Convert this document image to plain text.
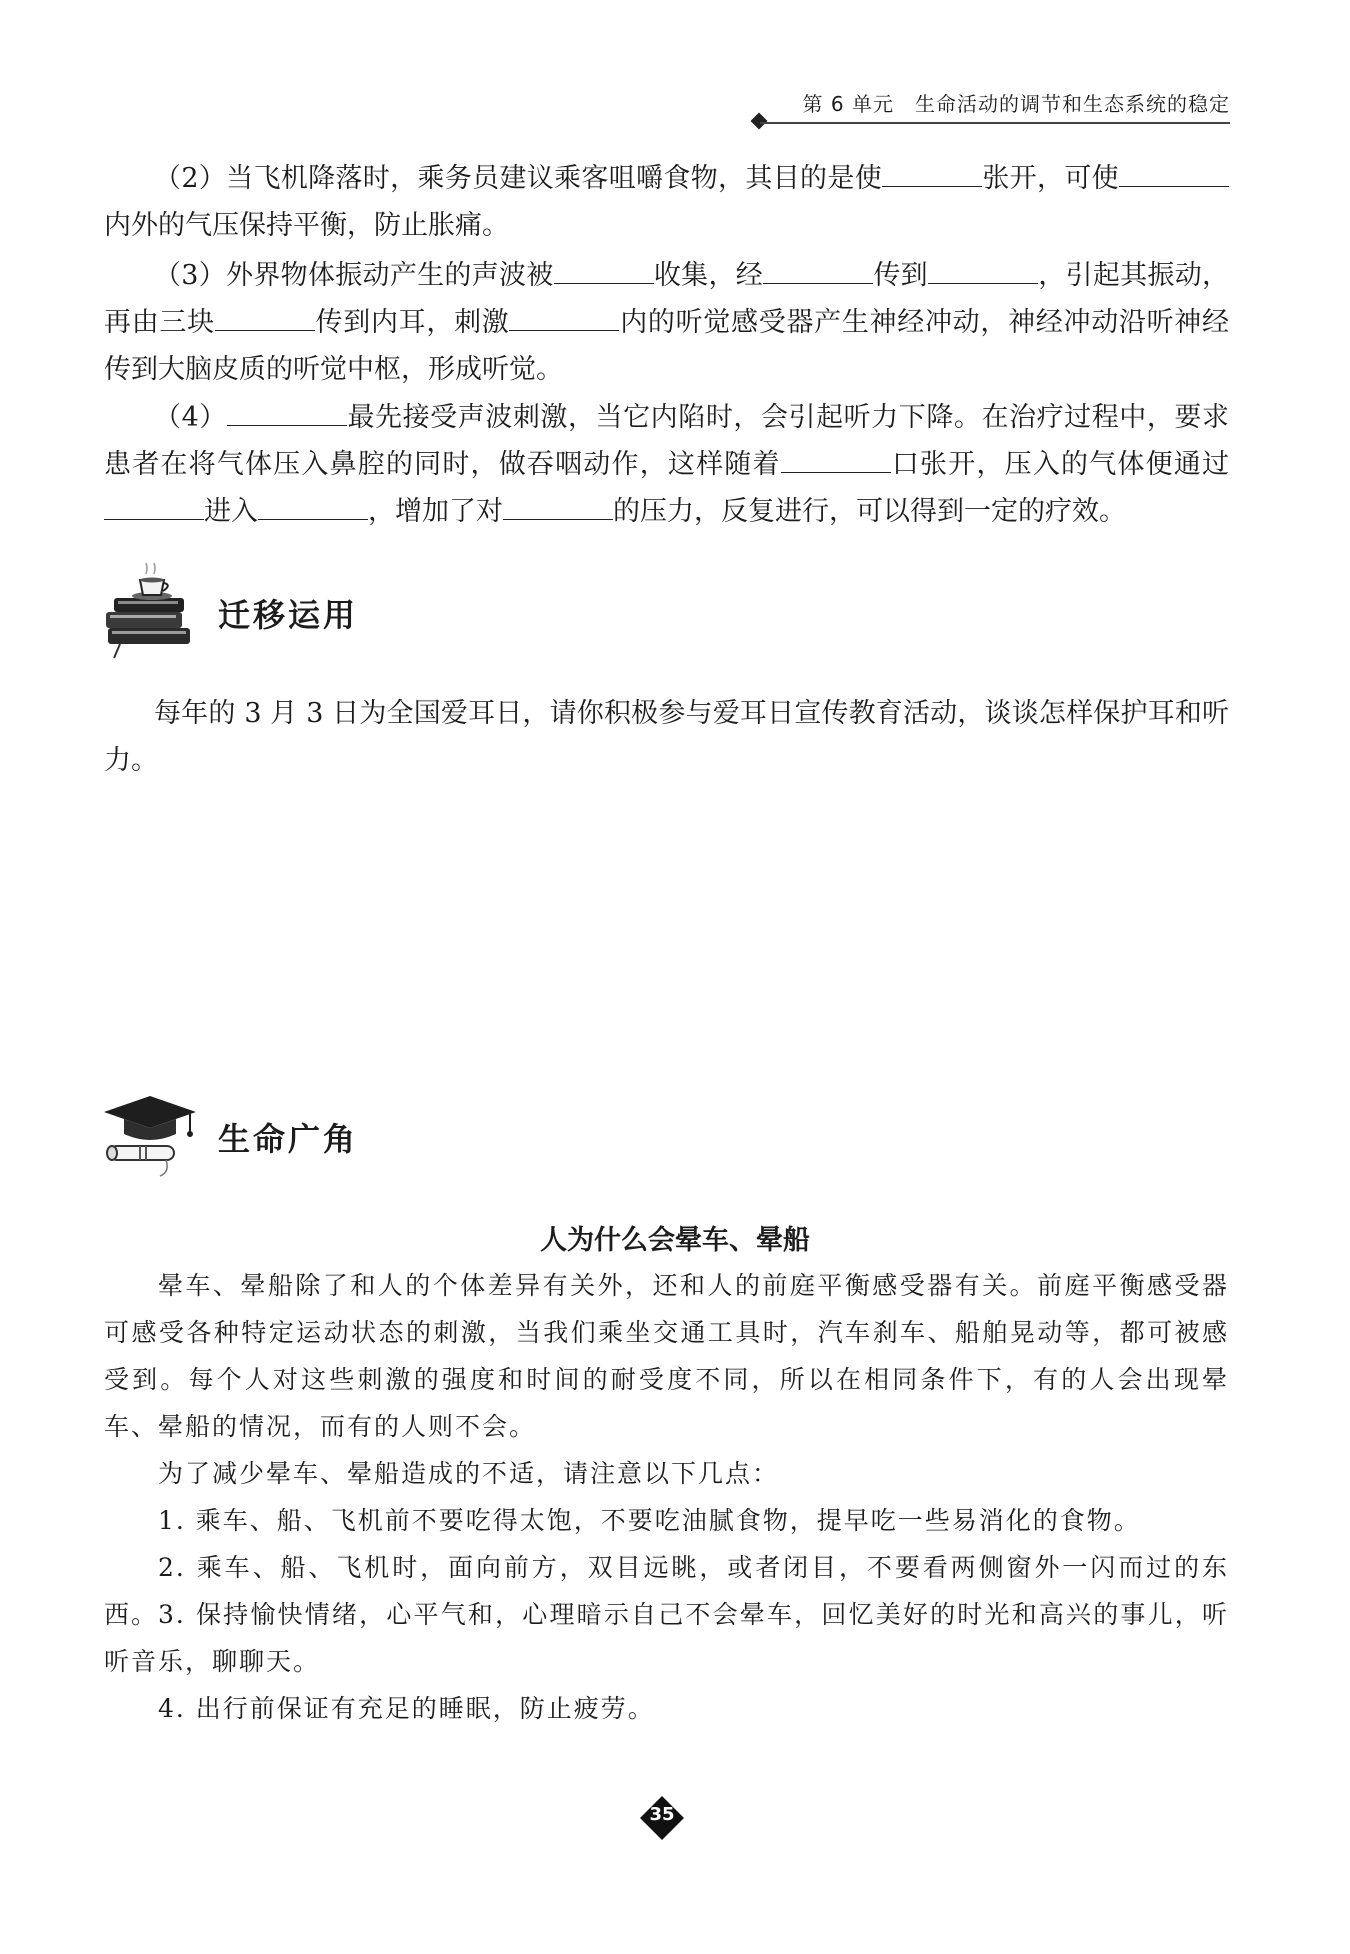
第 6 单元　生命活动的调节和生态系统的稳定

（2）当飞机降落时，乘务员建议乘客咀嚼食物，其目的是使	张开，可使内外的气压保持平衡，防止胀痛。

（3）外界物体振动产生的声波被	收集，经	传到	，引起其振动，再由三块	传到内耳，刺激	内的听觉感受器产生神经冲动，神经冲动沿听神经传到大脑皮质的听觉中枢，形成听觉。

（4）	最先接受声波刺激，当它内陷时，会引起听力下降。在治疗过程中，要求患者在将气体压入鼻腔的同时，做吞咽动作，这样随着	口张开，压入的气体便通过进入	，增加了对	的压力，反复进行，可以得到一定的疗效。

迁移运用

每年的 3 月 3 日为全国爱耳日，请你积极参与爱耳日宣传教育活动，谈谈怎样保护耳和听力。

生命广角
人为什么会晕车、晕船

晕车、晕船除了和人的个体差异有关外，还和人的前庭平衡感受器有关。前庭平衡感受器可感受各种特定运动状态的刺激，当我们乘坐交通工具时，汽车刹车、船舶晃动等，都可被感受到。每个人对这些刺激的强度和时间的耐受度不同，所以在相同条件下，有的人会出现晕车、晕船的情况，而有的人则不会。

为了减少晕车、晕船造成的不适，请注意以下几点：

1. 乘车、船、飞机前不要吃得太饱，不要吃油腻食物，提早吃一些易消化的食物。

2. 乘车、船、飞机时，面向前方，双目远眺，或者闭目，不要看两侧窗外一闪而过的东西。 3. 保持愉快情绪，心平气和，心理暗示自己不会晕车，回忆美好的时光和高兴的事儿，听听音乐，聊聊天。

4. 出行前保证有充足的睡眠，防止疲劳。

35
